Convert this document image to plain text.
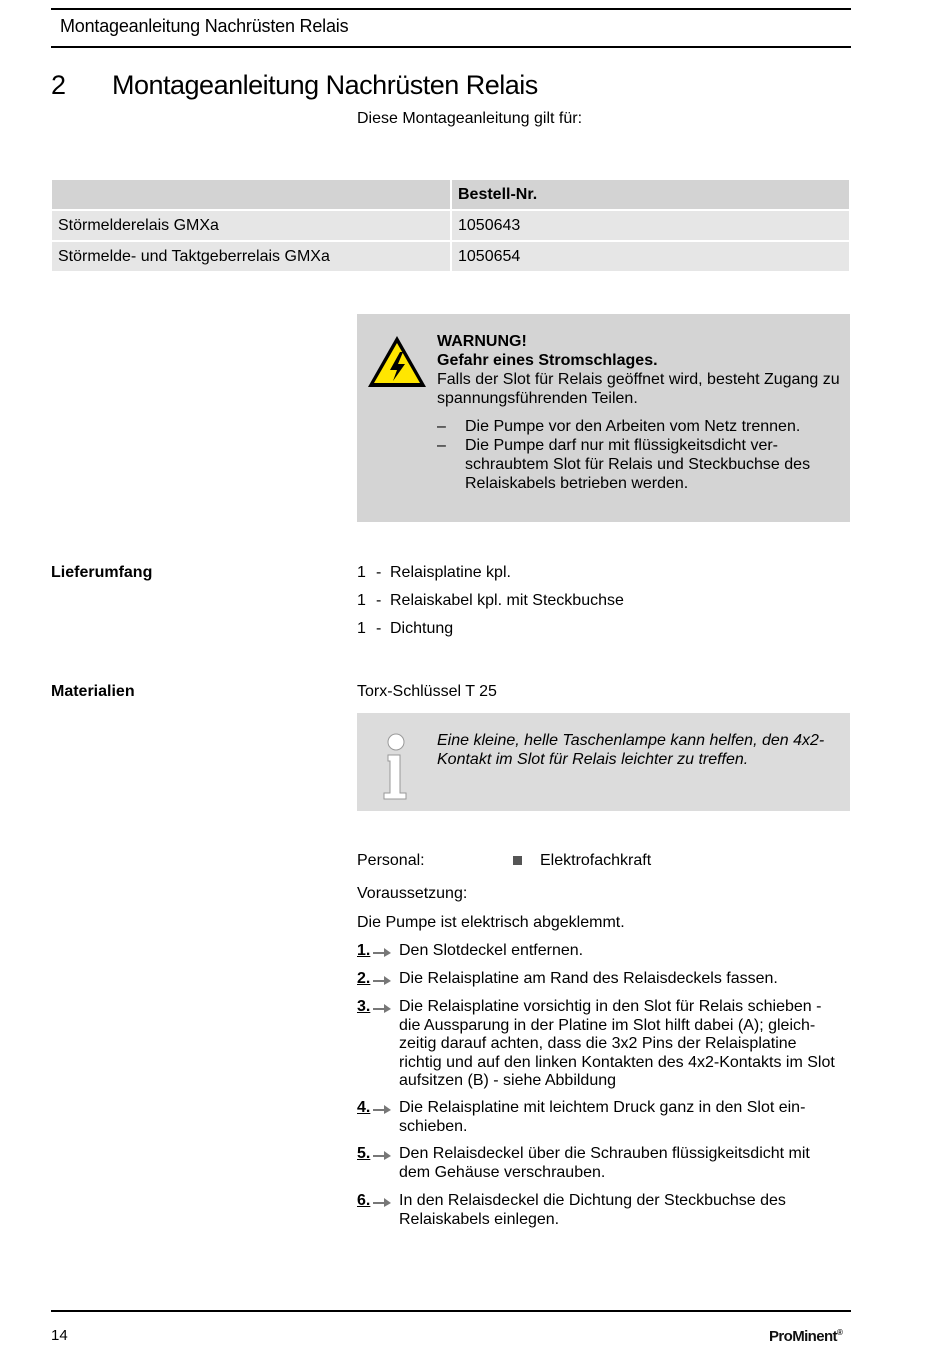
Montageanleitung Nachrüsten Relais
2 Montageanleitung Nachrüsten Relais
Diese Montageanleitung gilt für:
Bestell-Nr.
Störmelderelais GMXa	1050643
Störmelde- und Taktgeberrelais GMXa	1050654
WARNUNG!
Gefahr eines Stromschlages.
Falls der Slot für Relais geöffnet wird, besteht Zugang zu spannungsführenden Teilen.
–	Die Pumpe vor den Arbeiten vom Netz trennen.
–	Die Pumpe darf nur mit flüssigkeitsdicht verschraubtem Slot für Relais und Steckbuchse des Relaiskabels betrieben werden.
Lieferumfang	1 - Relaisplatine kpl.
1 - Relaiskabel kpl. mit Steckbuchse
1 - Dichtung
Materialien	Torx-Schlüssel T 25
Eine kleine, helle Taschenlampe kann helfen, den 4x2-Kontakt im Slot für Relais leichter zu treffen.
Personal:	Elektrofachkraft
Voraussetzung:
Die Pumpe ist elektrisch abgeklemmt.
1.	Den Slotdeckel entfernen.
2.	Die Relaisplatine am Rand des Relaisdeckels fassen.
3.	Die Relaisplatine vorsichtig in den Slot für Relais schieben - die Aussparung in der Platine im Slot hilft dabei (A); gleichzeitig darauf achten, dass die 3x2 Pins der Relaisplatine richtig und auf den linken Kontakten des 4x2-Kontakts im Slot aufsitzen (B) - siehe Abbildung
4.	Die Relaisplatine mit leichtem Druck ganz in den Slot einschieben.
5.	Den Relaisdeckel über die Schrauben flüssigkeitsdicht mit dem Gehäuse verschrauben.
6.	In den Relaisdeckel die Dichtung der Steckbuchse des Relaiskabels einlegen.
14	ProMinent®
